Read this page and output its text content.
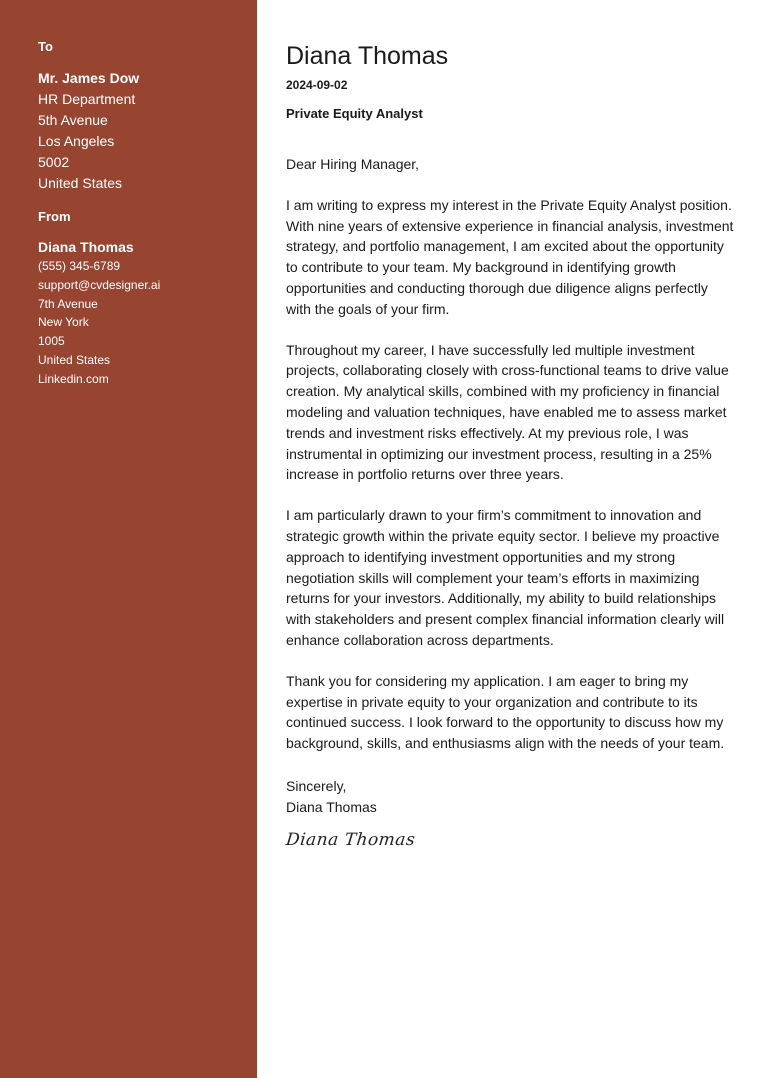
To
Mr. James Dow
HR Department
5th Avenue
Los Angeles
5002
United States
From
Diana Thomas
(555) 345-6789
support@cvdesigner.ai
7th Avenue
New York
1005
United States
Linkedin.com
Diana Thomas
2024-09-02
Private Equity Analyst
Dear Hiring Manager,
I am writing to express my interest in the Private Equity Analyst position. With nine years of extensive experience in financial analysis, investment strategy, and portfolio management, I am excited about the opportunity to contribute to your team. My background in identifying growth opportunities and conducting thorough due diligence aligns perfectly with the goals of your firm.
Throughout my career, I have successfully led multiple investment projects, collaborating closely with cross-functional teams to drive value creation. My analytical skills, combined with my proficiency in financial modeling and valuation techniques, have enabled me to assess market trends and investment risks effectively. At my previous role, I was instrumental in optimizing our investment process, resulting in a 25% increase in portfolio returns over three years.
I am particularly drawn to your firm’s commitment to innovation and strategic growth within the private equity sector. I believe my proactive approach to identifying investment opportunities and my strong negotiation skills will complement your team’s efforts in maximizing returns for your investors. Additionally, my ability to build relationships with stakeholders and present complex financial information clearly will enhance collaboration across departments.
Thank you for considering my application. I am eager to bring my expertise in private equity to your organization and contribute to its continued success. I look forward to the opportunity to discuss how my background, skills, and enthusiasms align with the needs of your team.
Sincerely,
Diana Thomas
Diana Thomas
